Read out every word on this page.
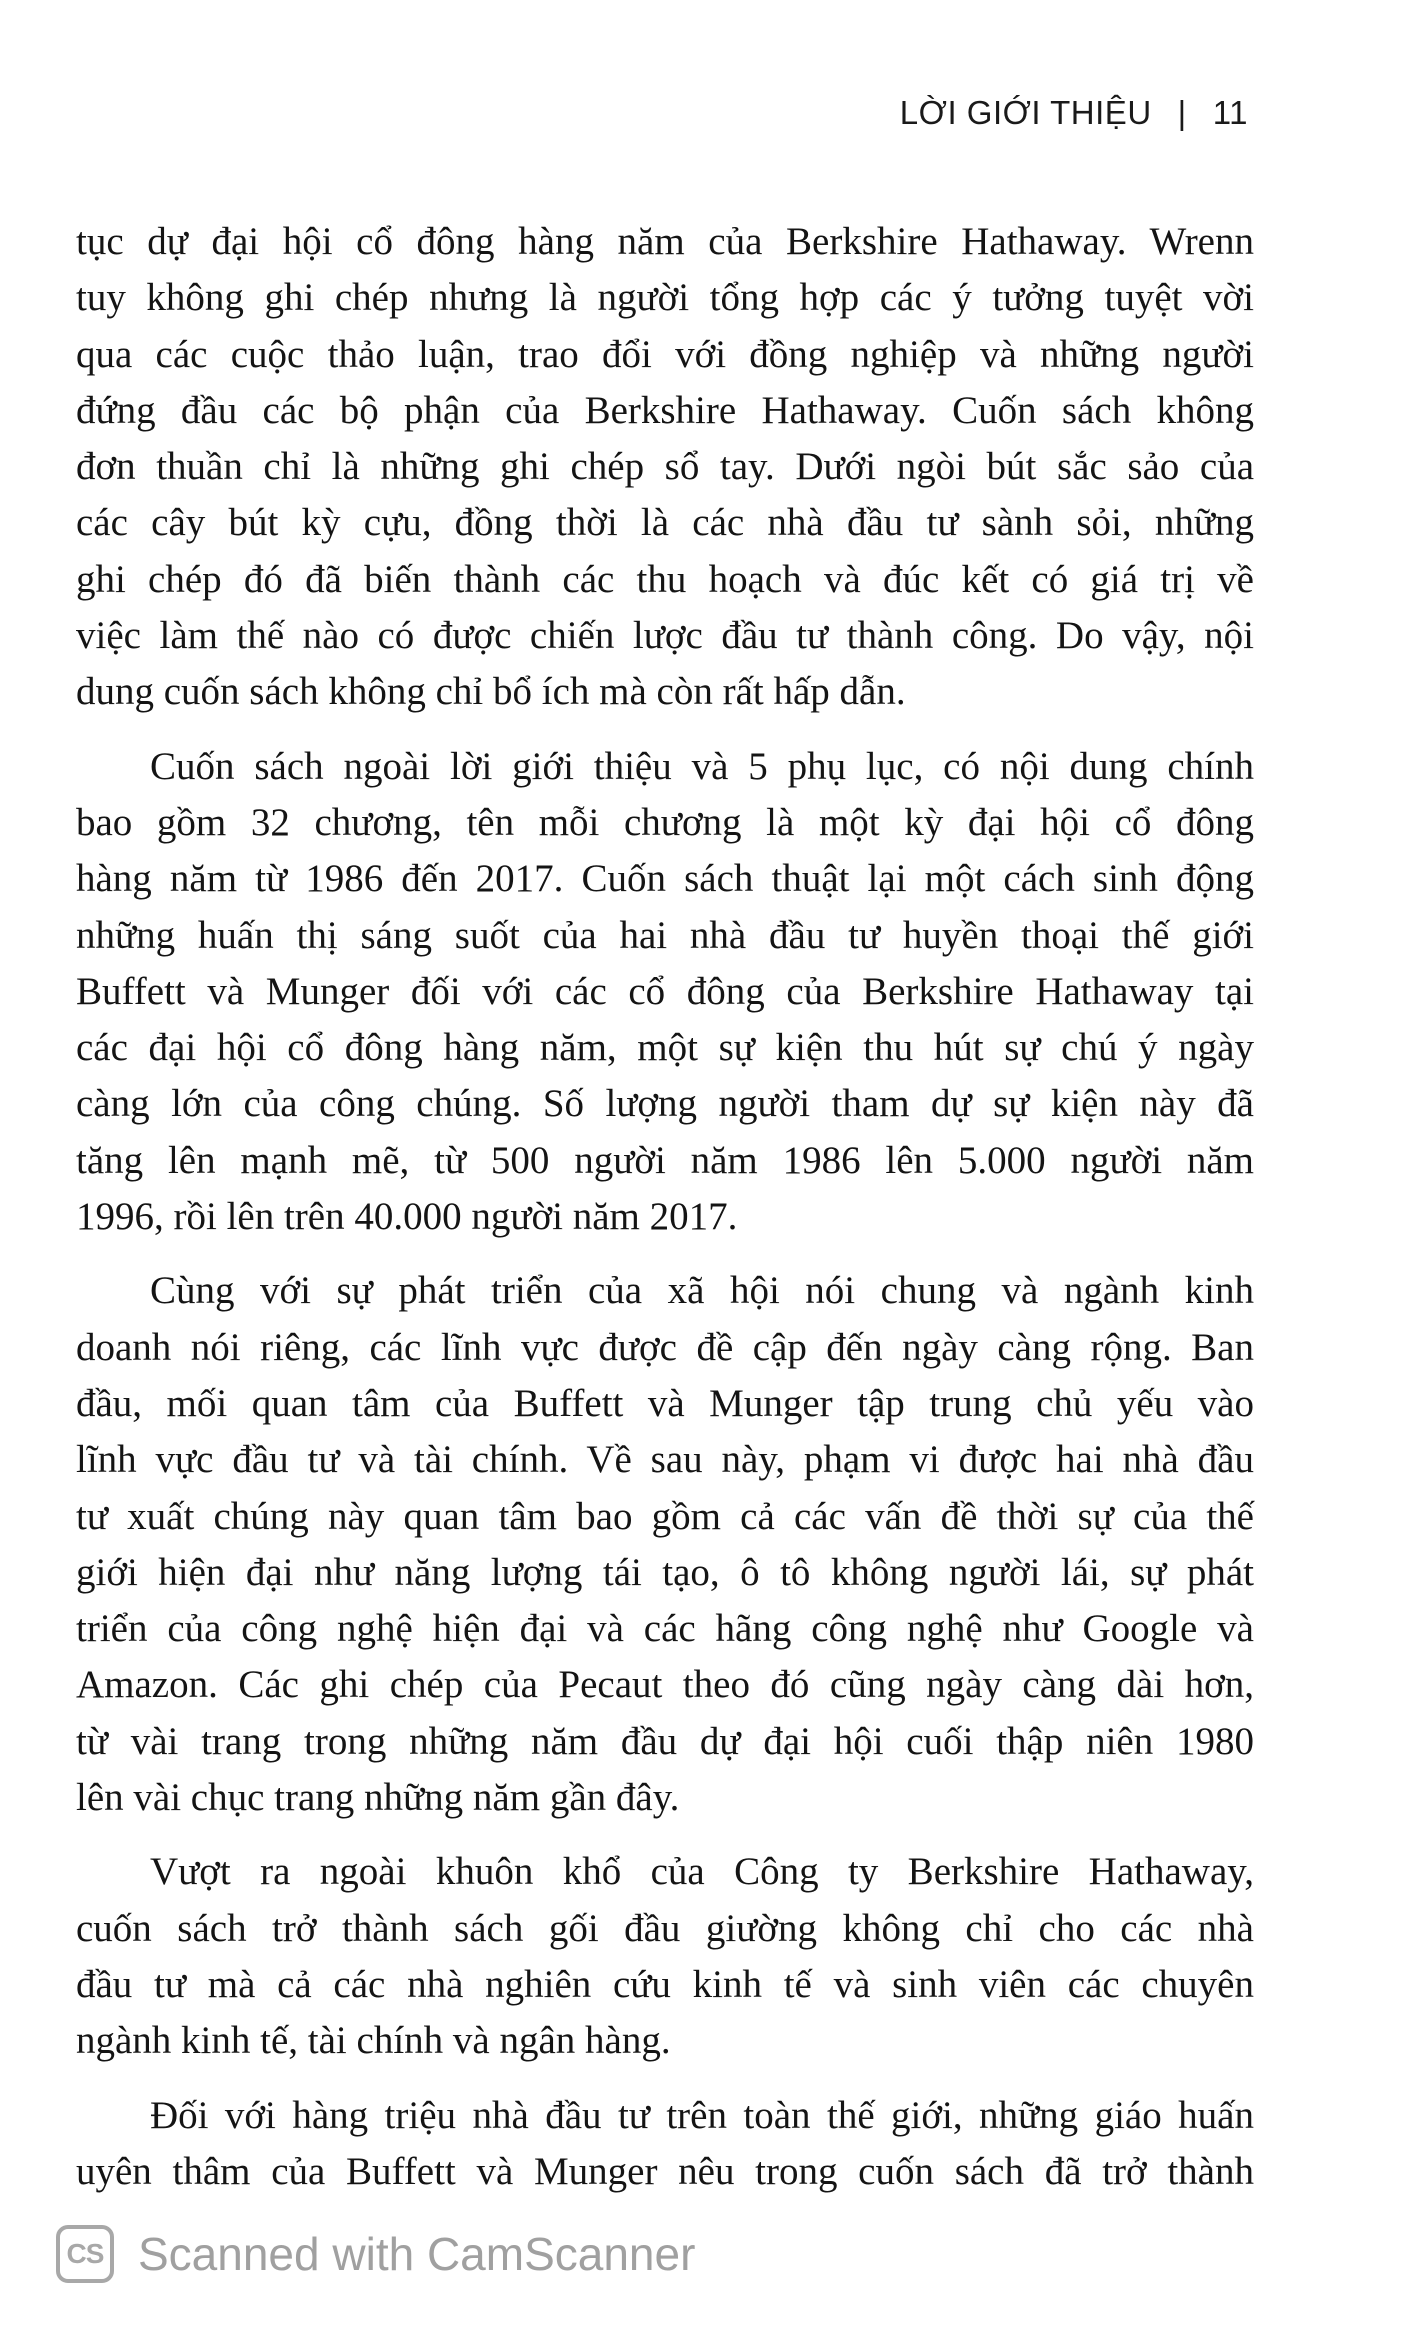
LỜI GIỚI THIỆU | 11
tục dự đại hội cổ đông hàng năm của Berkshire Hathaway. Wrenn
tuy không ghi chép nhưng là người tổng hợp các ý tưởng tuyệt vời
qua các cuộc thảo luận, trao đổi với đồng nghiệp và những người
đứng đầu các bộ phận của Berkshire Hathaway. Cuốn sách không
đơn thuần chỉ là những ghi chép sổ tay. Dưới ngòi bút sắc sảo của
các cây bút kỳ cựu, đồng thời là các nhà đầu tư sành sỏi, những
ghi chép đó đã biến thành các thu hoạch và đúc kết có giá trị về
việc làm thế nào có được chiến lược đầu tư thành công. Do vậy, nội
dung cuốn sách không chỉ bổ ích mà còn rất hấp dẫn.
Cuốn sách ngoài lời giới thiệu và 5 phụ lục, có nội dung chính
bao gồm 32 chương, tên mỗi chương là một kỳ đại hội cổ đông
hàng năm từ 1986 đến 2017. Cuốn sách thuật lại một cách sinh động
những huấn thị sáng suốt của hai nhà đầu tư huyền thoại thế giới
Buffett và Munger đối với các cổ đông của Berkshire Hathaway tại
các đại hội cổ đông hàng năm, một sự kiện thu hút sự chú ý ngày
càng lớn của công chúng. Số lượng người tham dự sự kiện này đã
tăng lên mạnh mẽ, từ 500 người năm 1986 lên 5.000 người năm
1996, rồi lên trên 40.000 người năm 2017.
Cùng với sự phát triển của xã hội nói chung và ngành kinh
doanh nói riêng, các lĩnh vực được đề cập đến ngày càng rộng. Ban
đầu, mối quan tâm của Buffett và Munger tập trung chủ yếu vào
lĩnh vực đầu tư và tài chính. Về sau này, phạm vi được hai nhà đầu
tư xuất chúng này quan tâm bao gồm cả các vấn đề thời sự của thế
giới hiện đại như năng lượng tái tạo, ô tô không người lái, sự phát
triển của công nghệ hiện đại và các hãng công nghệ như Google và
Amazon. Các ghi chép của Pecaut theo đó cũng ngày càng dài hơn,
từ vài trang trong những năm đầu dự đại hội cuối thập niên 1980
lên vài chục trang những năm gần đây.
Vượt ra ngoài khuôn khổ của Công ty Berkshire Hathaway,
cuốn sách trở thành sách gối đầu giường không chỉ cho các nhà
đầu tư mà cả các nhà nghiên cứu kinh tế và sinh viên các chuyên
ngành kinh tế, tài chính và ngân hàng.
Đối với hàng triệu nhà đầu tư trên toàn thế giới, những giáo huấn
uyên thâm của Buffett và Munger nêu trong cuốn sách đã trở thành
CS Scanned with CamScanner
